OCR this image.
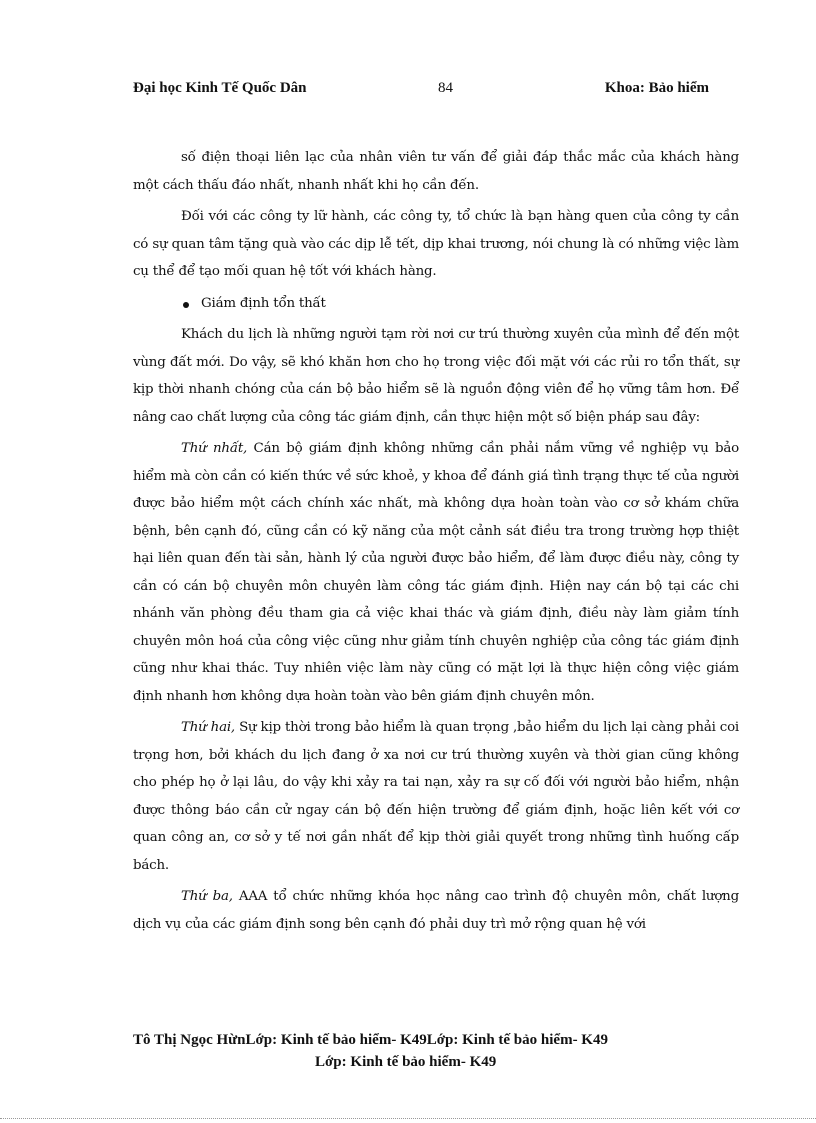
Đại học Kinh Tế Quốc Dân	84	Khoa: Bảo hiểm

số điện thoại liên lạc của nhân viên tư vấn để giải đáp thắc mắc của khách hàng một cách thấu đáo nhất, nhanh nhất khi họ cần đến.

Đối với các công ty lữ hành, các công ty, tổ chức là bạn hàng quen của công ty cần có sự quan tâm tặng quà vào các dịp lễ tết, dịp khai trương, nói chung là có những việc làm cụ thể để tạo mối quan hệ tốt với khách hàng.

Giám định tổn thất

Khách du lịch là những người tạm rời nơi cư trú thường xuyên của mình để đến một vùng đất mới. Do vậy, sẽ khó khăn hơn cho họ trong việc đối mặt với các rủi ro tổn thất, sự kịp thời nhanh chóng của cán bộ bảo hiểm sẽ là nguồn động viên để họ vững tâm hơn. Để nâng cao chất lượng của công tác giám định, cần thực hiện một số biện pháp sau đây:

Thứ nhất, Cán bộ giám định không những cần phải nắm vững về nghiệp vụ bảo hiểm mà còn cần có kiến thức về sức khoẻ, y khoa để đánh giá tình trạng thực tế của người được bảo hiểm một cách chính xác nhất, mà không dựa hoàn toàn vào cơ sở khám chữa bệnh, bên cạnh đó, cũng cần có kỹ năng của một cảnh sát điều tra trong trường hợp thiệt hại liên quan đến tài sản, hành lý của người được bảo hiểm, để làm được điều này, công ty cần có cán bộ chuyên môn chuyên làm công tác giám định. Hiện nay cán bộ tại các chi nhánh văn phòng đều tham gia cả việc khai thác và giám định, điều này làm giảm tính chuyên môn hoá của công việc cũng như giảm tính chuyên nghiệp của công tác giám định cũng như khai thác. Tuy nhiên việc làm này cũng có mặt lợi là thực hiện công việc giám định nhanh hơn không dựa hoàn toàn vào bên giám định chuyên môn.

Thứ hai, Sự kịp thời trong bảo hiểm là quan trọng ,bảo hiểm du lịch lại càng phải coi trọng hơn, bởi khách du lịch đang ở xa nơi cư trú thường xuyên và thời gian cũng không cho phép họ ở lại lâu, do vậy khi xảy ra tai nạn, xảy ra sự cố đối với người bảo hiểm, nhận được thông báo cần cử ngay cán bộ đến hiện trường để giám định, hoặc liên kết với cơ quan công an, cơ sở y tế nơi gần nhất để kịp thời giải quyết trong những tình huống cấp bách.

Thứ ba, AAA tổ chức những khóa học nâng cao trình độ chuyên môn, chất lượng dịch vụ của các giám định song bên cạnh đó phải duy trì mở rộng quan hệ với

Tô Thị Ngọc HừnLớp: Kinh tế bảo hiểm- K49Lớp: Kinh tế bảo hiểm- K49
Lớp: Kinh tế bảo hiểm- K49
